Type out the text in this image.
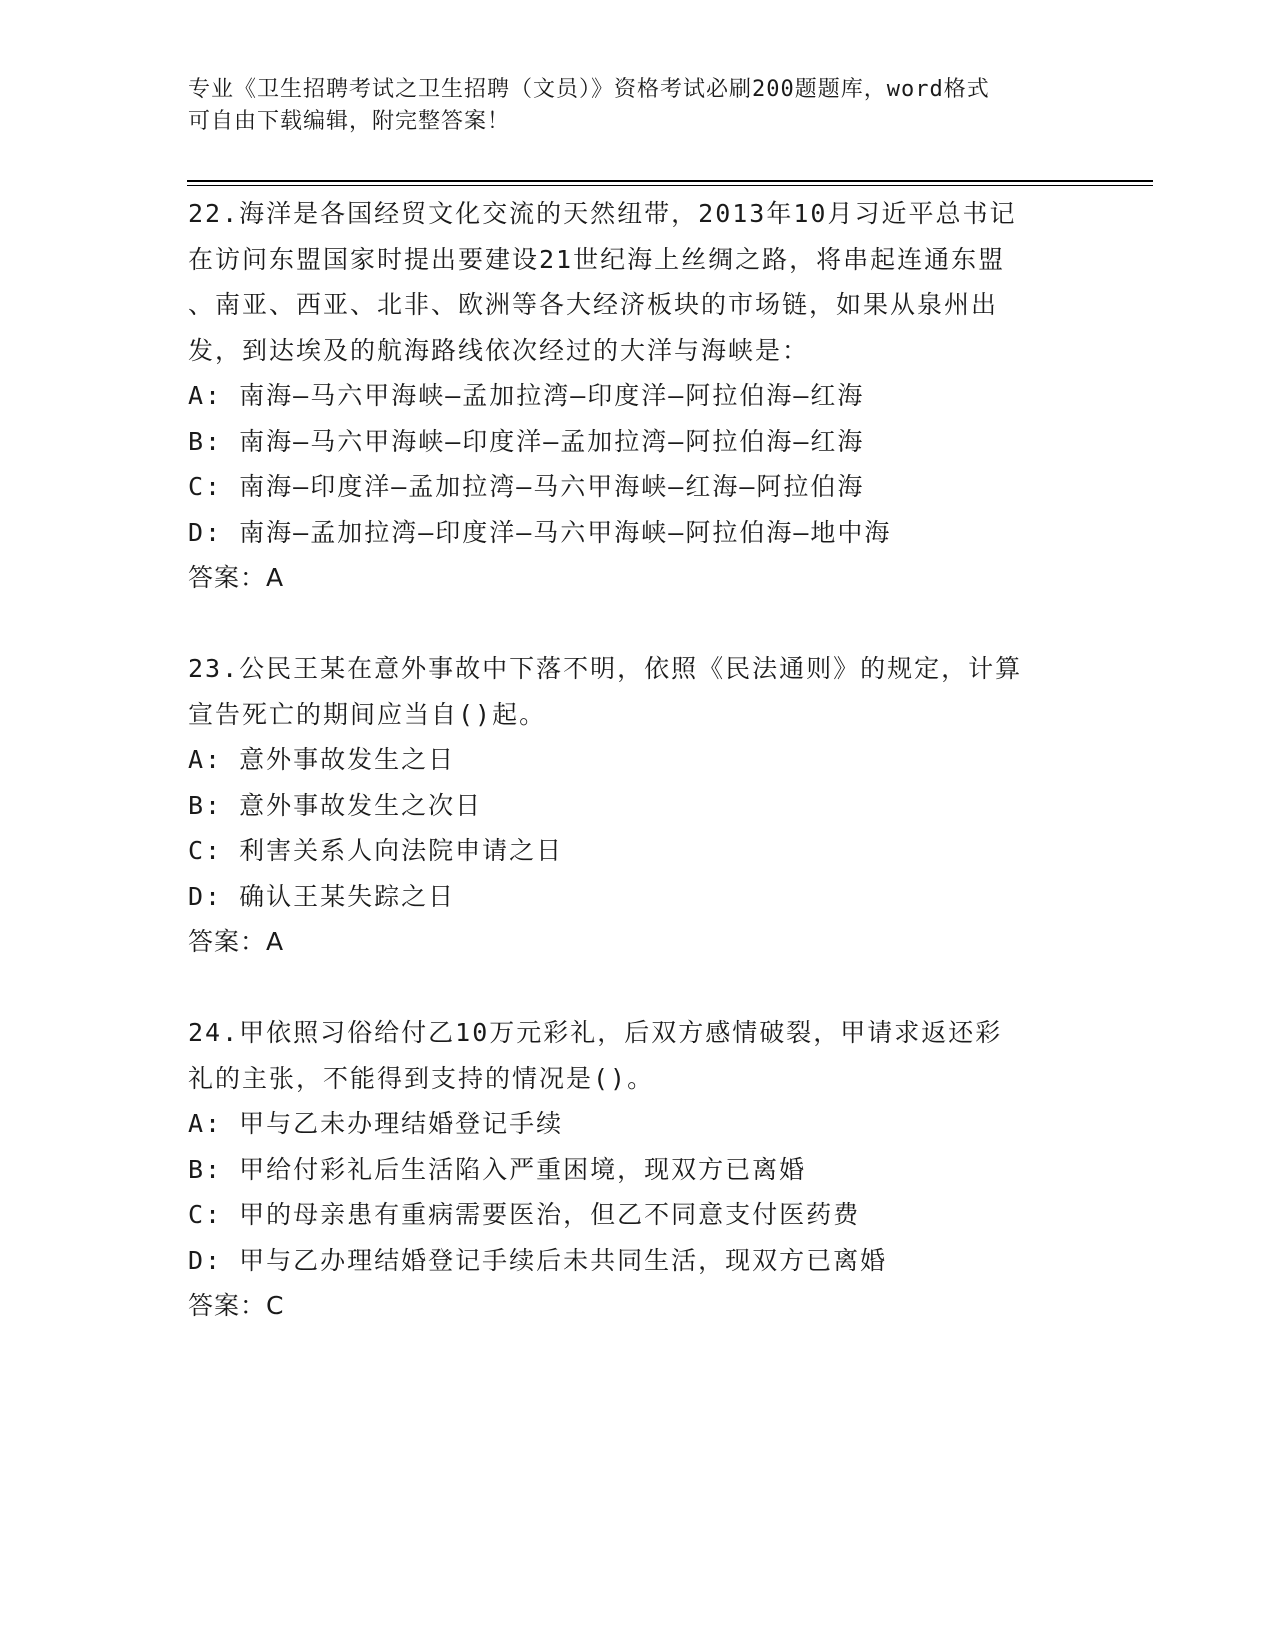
专业《卫生招聘考试之卫生招聘（文员）》资格考试必刷200题题库，word格式
可自由下载编辑，附完整答案！
22.海洋是各国经贸文化交流的天然纽带，2013年10月习近平总书记
在访问东盟国家时提出要建设21世纪海上丝绸之路，将串起连通东盟
、南亚、西亚、北非、欧洲等各大经济板块的市场链，如果从泉州出
发，到达埃及的航海路线依次经过的大洋与海峡是：
A: 南海—马六甲海峡—孟加拉湾—印度洋—阿拉伯海—红海
B: 南海—马六甲海峡—印度洋—孟加拉湾—阿拉伯海—红海
C: 南海—印度洋—孟加拉湾—马六甲海峡—红海—阿拉伯海
D: 南海—孟加拉湾—印度洋—马六甲海峡—阿拉伯海—地中海
答案：A
23.公民王某在意外事故中下落不明，依照《民法通则》的规定，计算
宣告死亡的期间应当自()起。
A: 意外事故发生之日
B: 意外事故发生之次日
C: 利害关系人向法院申请之日
D: 确认王某失踪之日
答案：A
24.甲依照习俗给付乙10万元彩礼，后双方感情破裂，甲请求返还彩
礼的主张，不能得到支持的情况是()。
A: 甲与乙未办理结婚登记手续
B: 甲给付彩礼后生活陷入严重困境，现双方已离婚
C: 甲的母亲患有重病需要医治，但乙不同意支付医药费
D: 甲与乙办理结婚登记手续后未共同生活，现双方已离婚
答案：C
